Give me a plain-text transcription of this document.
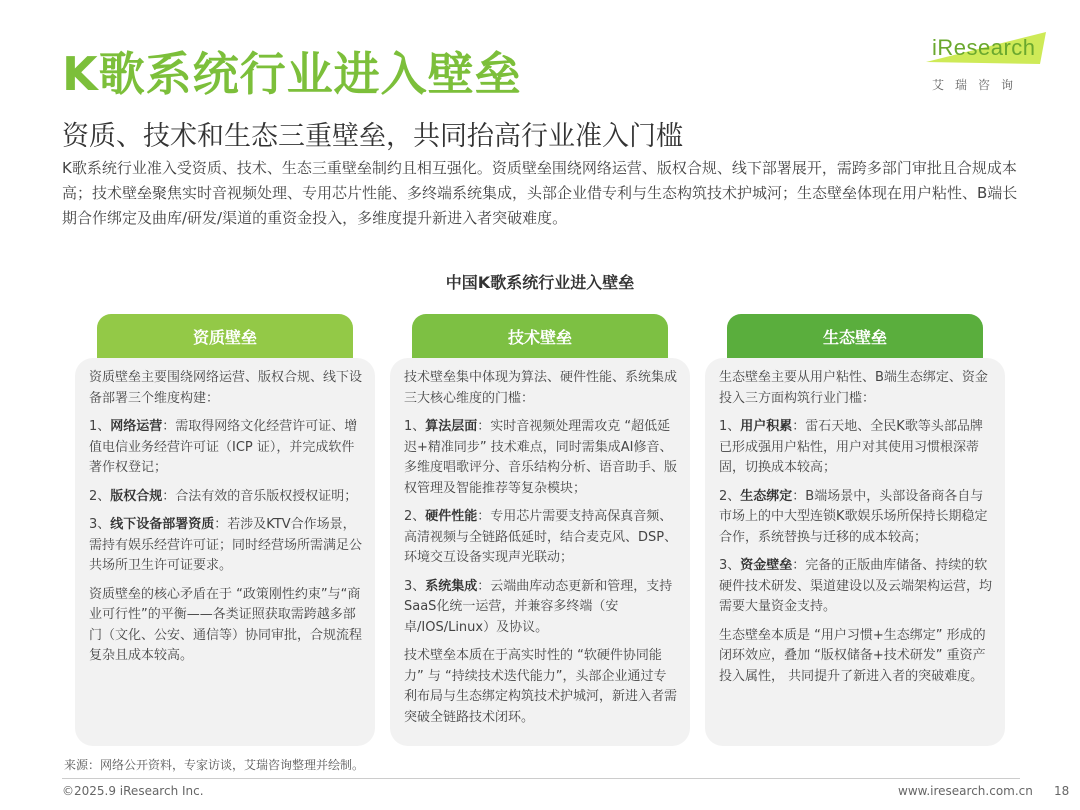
K歌系统行业进入壁垒
资质、技术和生态三重壁垒，共同抬高行业准入门槛
K歌系统行业准入受资质、技术、生态三重壁垒制约且相互强化。资质壁垒围绕网络运营、版权合规、线下部署展开，需跨多部门审批且合规成本高；技术壁垒聚焦实时音视频处理、专用芯片性能、多终端系统集成，头部企业借专利与生态构筑技术护城河；生态壁垒体现在用户粘性、B端长期合作绑定及曲库/研发/渠道的重资金投入，多维度提升新进入者突破难度。
iResearch
艾瑞咨询
中国K歌系统行业进入壁垒
资质壁垒

资质壁垒主要围绕网络运营、版权合规、线下设备部署三个维度构建：

1、网络运营：需取得网络文化经营许可证、增值电信业务经营许可证（ICP 证），并完成软件著作权登记；

2、版权合规：合法有效的音乐版权授权证明；

3、线下设备部署资质：若涉及KTV合作场景，需持有娱乐经营许可证；同时经营场所需满足公共场所卫生许可证要求。

资质壁垒的核心矛盾在于 “政策刚性约束”与“商业可行性”的平衡——各类证照获取需跨越多部门（文化、公安、通信等）协同审批，合规流程复杂且成本较高。

技术壁垒

技术壁垒集中体现为算法、硬件性能、系统集成三大核心维度的门槛：

1、算法层面：实时音视频处理需攻克 “超低延迟+精准同步” 技术难点，同时需集成AI修音、多维度唱歌评分、音乐结构分析、语音助手、版权管理及智能推荐等复杂模块；

2、硬件性能：专用芯片需要支持高保真音频、高清视频与全链路低延时，结合麦克风、DSP、环境交互设备实现声光联动；

3、系统集成：云端曲库动态更新和管理，支持SaaS化统一运营，并兼容多终端（安卓/IOS/Linux）及协议。

技术壁垒本质在于高实时性的 “软硬件协同能力” 与 “持续技术迭代能力”，头部企业通过专利布局与生态绑定构筑技术护城河，新进入者需突破全链路技术闭环。

生态壁垒

生态壁垒主要从用户粘性、B端生态绑定、资金投入三方面构筑行业门槛：

1、用户积累：雷石天地、全民K歌等头部品牌已形成强用户粘性，用户对其使用习惯根深蒂固，切换成本较高；

2、生态绑定：B端场景中，头部设备商各自与市场上的中大型连锁K歌娱乐场所保持长期稳定合作，系统替换与迁移的成本较高；

3、资金壁垒：完备的正版曲库储备、持续的软硬件技术研发、渠道建设以及云端架构运营，均需要大量资金支持。

生态壁垒本质是 “用户习惯+生态绑定” 形成的闭环效应，叠加 “版权储备+技术研发” 重资产投入属性， 共同提升了新进入者的突破难度。

来源：网络公开资料，专家访谈，艾瑞咨询整理并绘制。
©2025.9 iResearch Inc.	www.iresearch.com.cn 18
